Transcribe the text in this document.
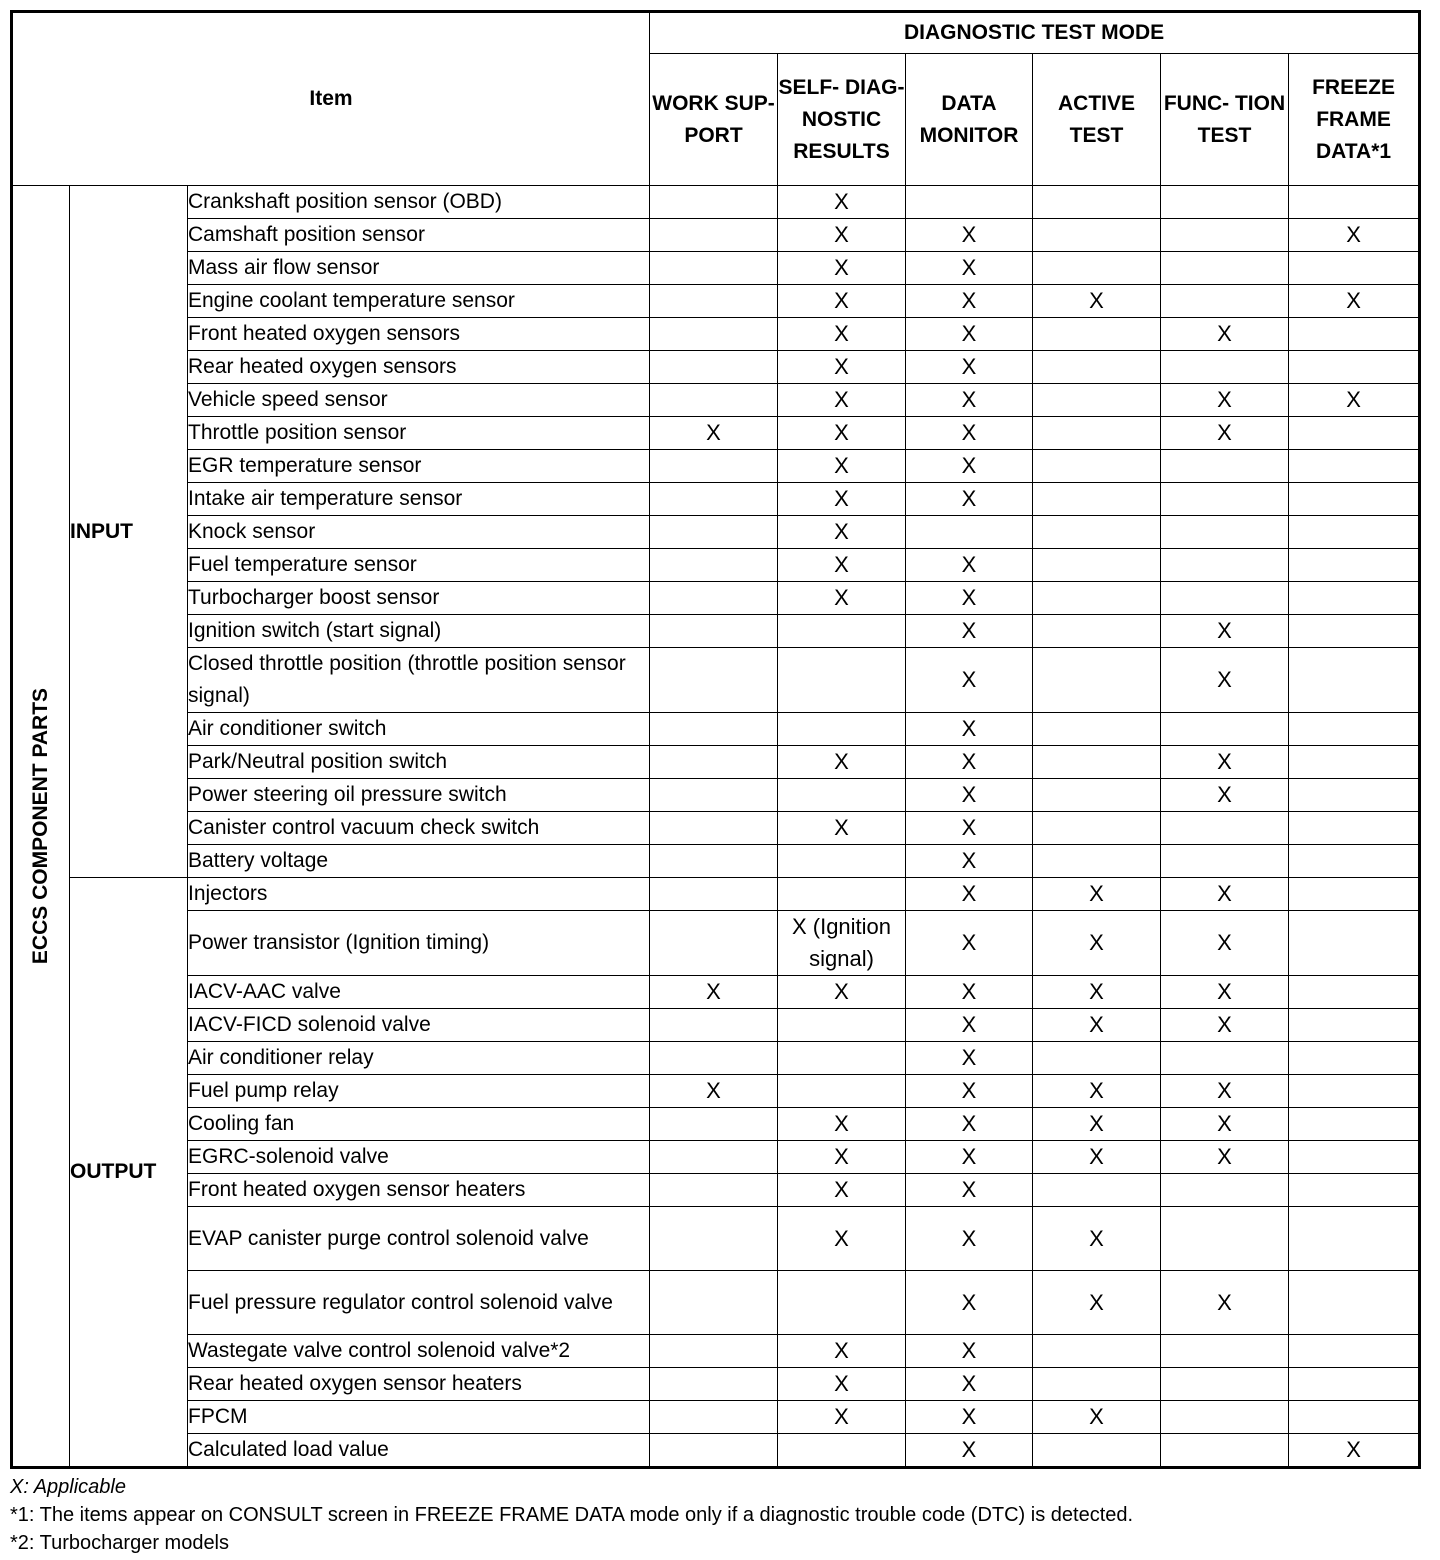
Item			DIAGNOSTIC TEST MODE					
			WORK SUP- PORT	SELF- DIAG- NOSTIC RESULTS	DATA MONITOR	ACTIVE TEST	FUNC- TION TEST	FREEZE FRAME DATA*1

ECCS COMPONENT PARTS	INPUT	Crankshaft position sensor (OBD)		X				
		Camshaft position sensor		X	X			X
		Mass air flow sensor		X	X			
		Engine coolant temperature sensor		X	X	X		X
		Front heated oxygen sensors		X	X		X	
		Rear heated oxygen sensors		X	X			
		Vehicle speed sensor		X	X		X	X
		Throttle position sensor	X	X	X		X	
		EGR temperature sensor		X	X			
		Intake air temperature sensor		X	X			
		Knock sensor		X				
		Fuel temperature sensor		X	X			
		Turbocharger boost sensor		X	X			
		Ignition switch (start signal)			X		X	
		Closed throttle position (throttle position sensor signal)			X		X	
		Air conditioner switch			X			
		Park/Neutral position switch		X	X		X	
		Power steering oil pressure switch			X		X	
		Canister control vacuum check switch		X	X			
		Battery voltage			X			
	OUTPUT	Injectors			X	X	X	
		Power transistor (Ignition timing)		X (Ignition signal)	X	X	X	
		IACV-AAC valve	X	X	X	X	X	
		IACV-FICD solenoid valve			X	X	X	
		Air conditioner relay			X			
		Fuel pump relay	X		X	X	X	
		Cooling fan		X	X	X	X	
		EGRC-solenoid valve		X	X	X	X	
		Front heated oxygen sensor heaters		X	X			
		EVAP canister purge control solenoid valve		X	X	X		
		Fuel pressure regulator control solenoid valve			X	X	X	
		Wastegate valve control solenoid valve*2		X	X			
		Rear heated oxygen sensor heaters		X	X			
		FPCM		X	X	X		
		Calculated load value			X			X
X: Applicable
*1: The items appear on CONSULT screen in FREEZE FRAME DATA mode only if a diagnostic trouble code (DTC) is detected.
*2: Turbocharger models
